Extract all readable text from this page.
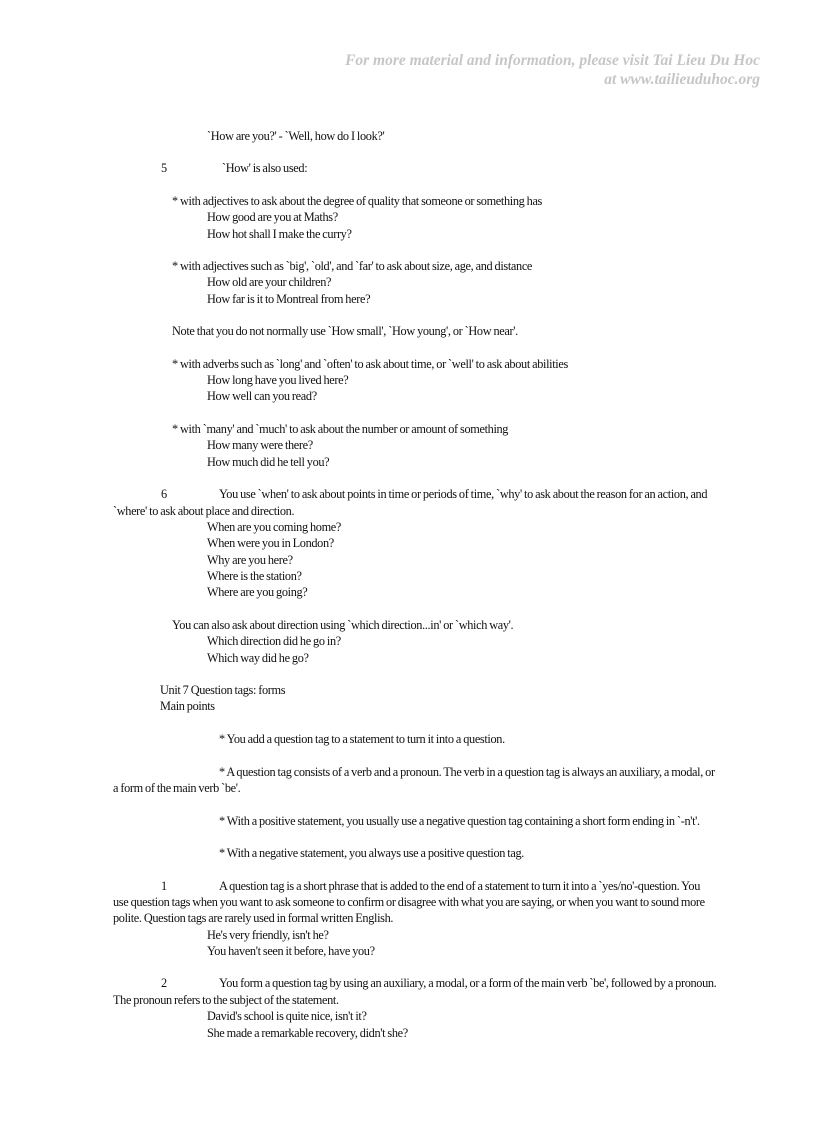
For more material and information, please visit Tai Lieu Du Hoc
at www.tailieuduhoc.org
`How are you?' - `Well, how do I look?'
5	`How' is also used:
* with adjectives to ask about the degree of quality that someone or something has
How good are you at Maths?
How hot shall I make the curry?
* with adjectives such as `big', `old', and `far' to ask about size, age, and distance
How old are your children?
How far is it to Montreal from here?
Note that you do not normally use `How small', `How young', or `How near'.
* with adverbs such as `long' and `often' to ask about time, or `well' to ask about abilities
How long have you lived here?
How well can you read?
* with `many' and `much' to ask about the number or amount of something
How many were there?
How much did he tell you?
6	You use `when' to ask about points in time or periods of time, `why' to ask about the reason for an action, and
`where' to ask about place and direction.
When are you coming home?
When were you in London?
Why are you here?
Where is the station?
Where are you going?
You can also ask about direction using `which direction...in' or `which way'.
Which direction did he go in?
Which way did he go?
Unit 7 Question tags: forms
Main points
* You add a question tag to a statement to turn it into a question.
* A question tag consists of a verb and a pronoun. The verb in a question tag is always an auxiliary, a modal, or
a form of the main verb `be'.
* With a positive statement, you usually use a negative question tag containing a short form ending in `-n't'.
* With a negative statement, you always use a positive question tag.
1	A question tag is a short phrase that is added to the end of a statement to turn it into a `yes/no'-question. You
use question tags when you want to ask someone to confirm or disagree with what you are saying, or when you want to sound more
polite. Question tags are rarely used in formal written English.
He's very friendly, isn't he?
You haven't seen it before, have you?
2	You form a question tag by using an auxiliary, a modal, or a form of the main verb `be', followed by a pronoun.
The pronoun refers to the subject of the statement.
David's school is quite nice, isn't it?
She made a remarkable recovery, didn't she?
